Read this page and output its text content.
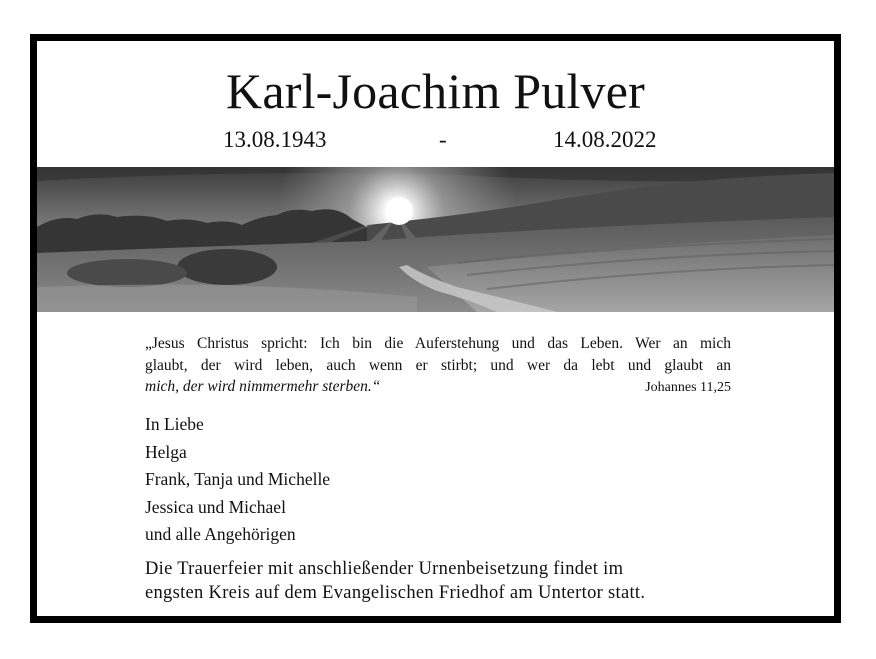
Karl-Joachim Pulver
13.08.1943	-	14.08.2022
„Jesus Christus spricht: Ich bin die Auferstehung und das Leben. Wer an mich
glaubt, der wird leben, auch wenn er stirbt; und wer da lebt und glaubt an
mich, der wird nimmermehr sterben.“	Johannes 11,25
In Liebe
Helga
Frank, Tanja und Michelle
Jessica und Michael
und alle Angehörigen
Die Trauerfeier mit anschließender Urnenbeisetzung findet im
engsten Kreis auf dem Evangelischen Friedhof am Untertor statt.
